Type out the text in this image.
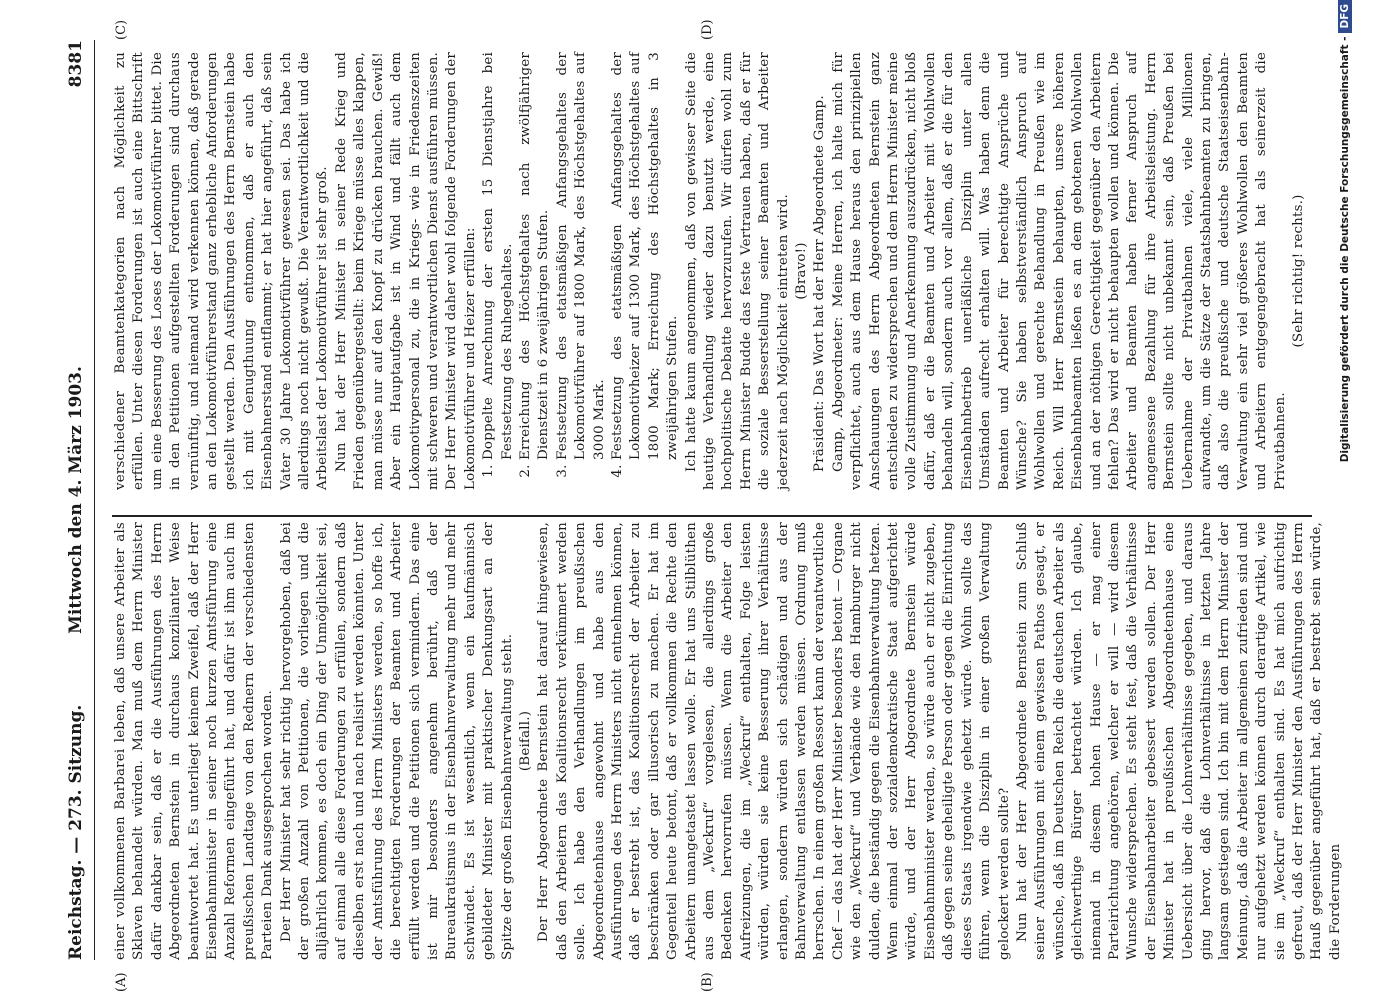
Reichstag. — 273. Sitzung.
Mittwoch den 4. März 1903.
8381
(A)	(B)
(C)	(D)

einer vollkommenen Barbarei leben, daß unsere Arbeiter als Sklaven behandelt würden. Man muß dem Herrn Minister dafür dankbar sein, daß er die Ausführungen des Herrn Abgeordneten Bernstein in durchaus konzilianter Weise beantwortet hat. Es unterliegt keinem Zweifel, daß der Herr Eisenbahnminister in seiner noch kurzen Amtsführung eine Anzahl Reformen eingeführt hat, und dafür ist ihm auch im preußischen Landtage von den Rednern der verschiedensten Parteien Dank ausgesprochen worden. Der Herr Minister hat sehr richtig hervorgehoben, daß bei der großen Anzahl von Petitionen, die vorliegen und die alljährlich kommen, es doch ein Ding der Unmöglichkeit sei, auf einmal alle diese Forderungen zu erfüllen, sondern daß dieselben erst nach und nach realisirt werden könnten. Unter der Amtsführung des Herrn Ministers werden, so hoffe ich, die berechtigten Forderungen der Beamten und Arbeiter erfüllt werden und die Petitionen sich vermindern. Das eine ist mir besonders angenehm berührt, daß der Bureaukratismus in der Eisenbahnverwaltung mehr und mehr schwindet. Es ist wesentlich, wenn ein kaufmännisch gebildeter Minister mit praktischer Denkungsart an der Spitze der großen Eisenbahnverwaltung steht. (Beifall.) Der Herr Abgeordnete Bernstein hat darauf hingewiesen, daß den Arbeitern das Koalitionsrecht verkümmert werden solle. Ich habe den Verhandlungen im preußischen Abgeordnetenhause angewohnt und habe aus den Ausführungen des Herrn Ministers nicht entnehmen können, daß er bestrebt ist, das Koalitionsrecht der Arbeiter zu beschränken oder gar illusorisch zu machen. Er hat im Gegenteil heute betont, daß er vollkommen die Rechte den Arbeitern unangetastet lassen wolle. Er hat uns Stilblüthen aus dem „Weckruf“ vorgelesen, die allerdings große Bedenken hervorrufen müssen. Wenn die Arbeiter den Aufreizungen, die im „Weckruf“ enthalten, Folge leisten würden, würden sie keine Besserung ihrer Verhältnisse erlangen, sondern würden sich schädigen und aus der Bahnverwaltung entlassen werden müssen. Ordnung muß herrschen. In einem großen Ressort kann der verantwortliche Chef — das hat der Herr Minister besonders betont — Organe wie den „Weckruf“ und Verbände wie den Hamburger nicht dulden, die beständig gegen die Eisenbahnverwaltung hetzen. Wenn einmal der sozialdemokratische Staat aufgerichtet würde, und der Herr Abgeordnete Bernstein würde Eisenbahnminister werden, so würde auch er nicht zugeben, daß gegen seine geheiligte Person oder gegen die Einrichtung dieses Staats irgendwie gehetzt würde. Wohin sollte das führen, wenn die Disziplin in einer großen Verwaltung gelockert werden sollte? Nun hat der Herr Abgeordnete Bernstein zum Schluß seiner Ausführungen mit einem gewissen Pathos gesagt, er wünsche, daß im Deutschen Reich die deutschen Arbeiter als gleichwerthige Bürger betrachtet würden. Ich glaube, niemand in diesem hohen Hause — er mag einer Parteirichtung angehören, welcher er will — wird diesem Wunsche widersprechen. Es steht fest, daß die Verhältnisse der Eisenbahnarbeiter gebessert werden sollen. Der Herr Minister hat in preußischen Abgeordnetenhause eine Uebersicht über die Lohnverhältnisse gegeben, und daraus ging hervor, daß die Lohnverhältnisse in letzten Jahre langsam gestiegen sind. Ich bin mit dem Herrn Minister der Meinung, daß die Arbeiter im allgemeinen zufrieden sind und nur aufgehetzt werden können durch derartige Artikel, wie sie im „Weckruf“ enthalten sind. Es hat mich aufrichtig gefreut, daß der Herr Minister den Ausführungen des Herrn Hauß gegenüber angeführt hat, daß er bestrebt sein würde, die Forderungen

verschiedener Beamtenkategorien nach Möglichkeit zu erfüllen. Unter diesen Forderungen ist auch eine Bittschrift um eine Besserung des Loses der Lokomotivführer bittet. Die in den Petitionen aufgestellten Forderungen sind durchaus vernünftig, und niemand wird verkennen können, daß gerade an den Lokomotivführerstand ganz erhebliche Anforderungen gestellt werden. Den Ausführungen des Herrn Bernstein habe ich mit Genugthuung entnommen, daß er auch den Eisenbahnerstand entflammt; er hat hier angeführt, daß sein Vater 30 Jahre Lokomotivführer gewesen sei. Das habe ich allerdings noch nicht gewußt. Die Verantwortlichkeit und die Arbeitslast der Lokomotivführer ist sehr groß. Nun hat der Herr Minister in seiner Rede Krieg und Frieden gegenübergestellt: beim Kriege müsse alles klappen, man müsse nur auf den Knopf zu drücken brauchen. Gewiß! Aber ein Hauptaufgabe ist in Wind und fällt auch dem Lokomotivpersonal zu, die in Kriegs- wie in Friedenszeiten mit schweren und verantwortlichen Dienst ausführen müssen. Der Herr Minister wird daher wohl folgende Forderungen der Lokomotivführer und Heizer erfüllen: 1. Doppelte Anrechnung der ersten 15 Dienstjahre bei Festsetzung des Ruhegehaltes. 2. Erreichung des Höchstgehaltes nach zwölfjähriger Dienstzeit in 6 zweijährigen Stufen. 3. Festsetzung des etatsmäßigen Anfangsgehaltes der Lokomotivführer auf 1800 Mark, des Höchstgehaltes auf 3000 Mark. 4. Festsetzung des etatsmäßigen Anfangsgehaltes der Lokomotivheizer auf 1300 Mark, des Höchstgehaltes auf 1800 Mark; Erreichung des Höchstgehaltes in 3 zweijährigen Stufen. Ich hatte kaum angenommen, daß von gewisser Seite die heutige Verhandlung wieder dazu benutzt werde, eine hochpolitische Debatte hervorzurufen. Wir dürfen wohl zum Herrn Minister Budde das feste Vertrauen haben, daß er für die soziale Besserstellung seiner Beamten und Arbeiter jederzeit nach Möglichkeit eintreten wird. (Bravo!) Präsident: Das Wort hat der Herr Abgeordnete Gamp. Gamp, Abgeordneter: Meine Herren, ich halte mich für verpflichtet, auch aus dem Hause heraus den prinzipiellen Anschauungen des Herrn Abgeordneten Bernstein ganz entschieden zu widersprechen und dem Herrn Minister meine volle Zustimmung und Anerkennung auszudrücken, nicht bloß dafür, daß er die Beamten und Arbeiter mit Wohlwollen behandeln will, sondern auch vor allem, daß er die für den Eisenbahnbetrieb unerläßliche Disziplin unter allen Umständen aufrecht erhalten will. Was haben denn die Beamten und Arbeiter für berechtigte Ansprüche und Wünsche? Sie haben selbstverständlich Anspruch auf Wohlwollen und gerechte Behandlung in Preußen wie im Reich. Will Herr Bernstein behaupten, unsere höheren Eisenbahnbeamten ließen es an dem gebotenen Wohlwollen und an der nöthigen Gerechtigkeit gegenüber den Arbeitern fehlen? Das wird er nicht behaupten wollen und können. Die Arbeiter und Beamten haben ferner Anspruch auf angemessene Bezahlung für ihre Arbeitsleistung. Herrn Bernstein sollte nicht unbekannt sein, daß Preußen bei Uebernahme der Privatbahnen viele, viele Millionen aufwandte, um die Sätze der Staatsbahnbeamten zu bringen, daß also die preußische und deutsche Staatseisenbahn-Verwaltung ein sehr viel größeres Wohlwollen den Beamten und Arbeitern entgegengebracht hat als seinerzeit die Privatbahnen.

(Sehr richtig! rechts.)	Digitalisierung gefördert durch die Deutsche Forschungsgemeinschaft -DFG
